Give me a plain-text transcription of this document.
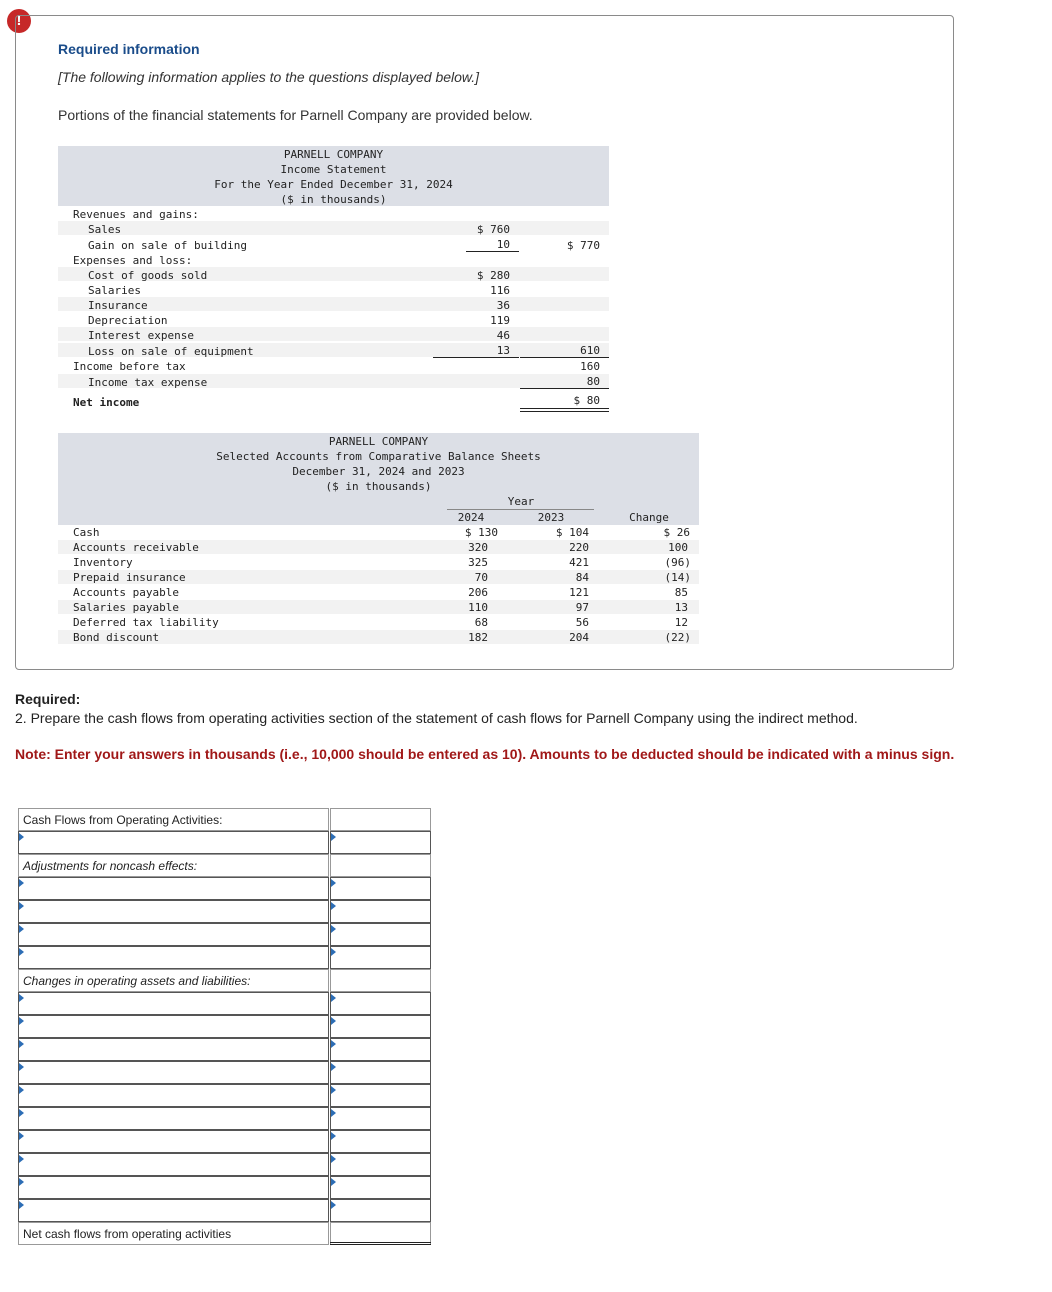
!
Required information
[The following information applies to the questions displayed below.]
Portions of the financial statements for Parnell Company are provided below.
PARNELL COMPANY
Income Statement
For the Year Ended December 31, 2024
($ in thousands)
Revenues and gains:
Sales	$ 760
Gain on sale of building	10	$ 770
Expenses and loss:
Cost of goods sold	$ 280
Salaries	116
Insurance	36
Depreciation	119
Interest expense	46
Loss on sale of equipment	13	610
Income before tax	160
Income tax expense	80
Net income	$ 80
PARNELL COMPANY
Selected Accounts from Comparative Balance Sheets
December 31, 2024 and 2023
($ in thousands)
Year
2024	2023	Change
Cash	$ 130	$ 104	$ 26
Accounts receivable	320	220	100
Inventory	325	421	(96)
Prepaid insurance	70	84	(14)
Accounts payable	206	121	85
Salaries payable	110	97	13
Deferred tax liability	68	56	12
Bond discount	182	204	(22)
Required:
2. Prepare the cash flows from operating activities section of the statement of cash flows for Parnell Company using the indirect method.
Note: Enter your answers in thousands (i.e., 10,000 should be entered as 10). Amounts to be deducted should be indicated with a minus sign.
Cash Flows from Operating Activities:
Adjustments for noncash effects:
Changes in operating assets and liabilities:
Net cash flows from operating activities
